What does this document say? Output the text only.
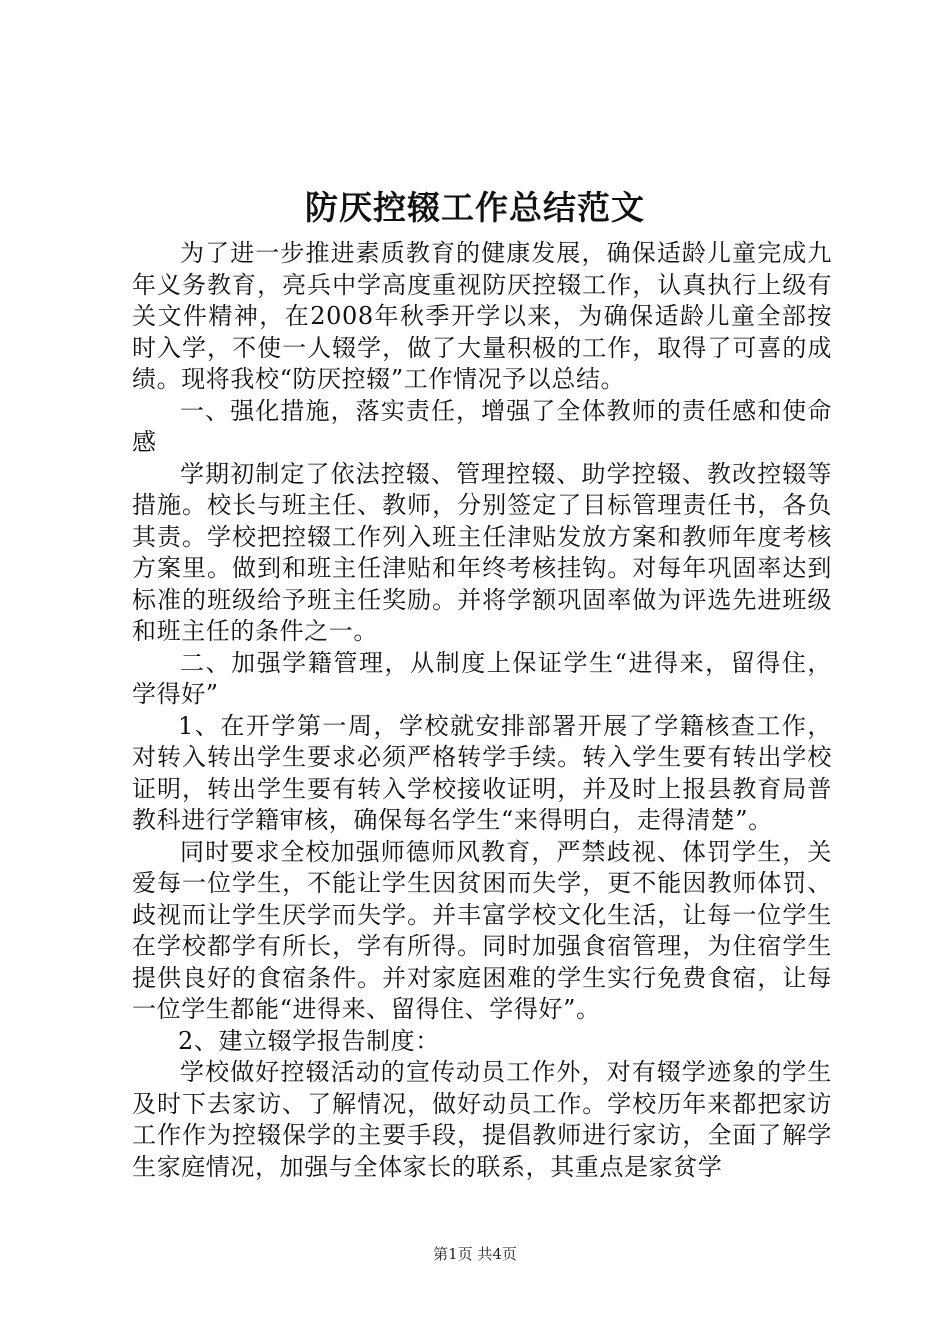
防厌控辍工作总结范文

为了进一步推进素质教育的健康发展，确保适龄儿童完成九年义务教育，亮兵中学高度重视防厌控辍工作，认真执行上级有关文件精神，在2008年秋季开学以来，为确保适龄儿童全部按时入学，不使一人辍学，做了大量积极的工作，取得了可喜的成绩。现将我校“防厌控辍”工作情况予以总结。

一、强化措施，落实责任，增强了全体教师的责任感和使命感

学期初制定了依法控辍、管理控辍、助学控辍、教改控辍等措施。校长与班主任、教师，分别签定了目标管理责任书，各负其责。学校把控辍工作列入班主任津贴发放方案和教师年度考核方案里。做到和班主任津贴和年终考核挂钩。对每年巩固率达到标准的班级给予班主任奖励。并将学额巩固率做为评选先进班级和班主任的条件之一。

二、加强学籍管理，从制度上保证学生“进得来，留得住，学得好”

1、在开学第一周，学校就安排部署开展了学籍核查工作，对转入转出学生要求必须严格转学手续。转入学生要有转出学校证明，转出学生要有转入学校接收证明，并及时上报县教育局普教科进行学籍审核，确保每名学生“来得明白，走得清楚”。

同时要求全校加强师德师风教育，严禁歧视、体罚学生，关爱每一位学生，不能让学生因贫困而失学，更不能因教师体罚、歧视而让学生厌学而失学。并丰富学校文化生活，让每一位学生在学校都学有所长，学有所得。同时加强食宿管理，为住宿学生提供良好的食宿条件。并对家庭困难的学生实行免费食宿，让每一位学生都能“进得来、留得住、学得好”。

2、建立辍学报告制度：

学校做好控辍活动的宣传动员工作外，对有辍学迹象的学生及时下去家访、了解情况，做好动员工作。学校历年来都把家访工作作为控辍保学的主要手段，提倡教师进行家访，全面了解学生家庭情况，加强与全体家长的联系，其重点是家贫学

第1页 共4页
